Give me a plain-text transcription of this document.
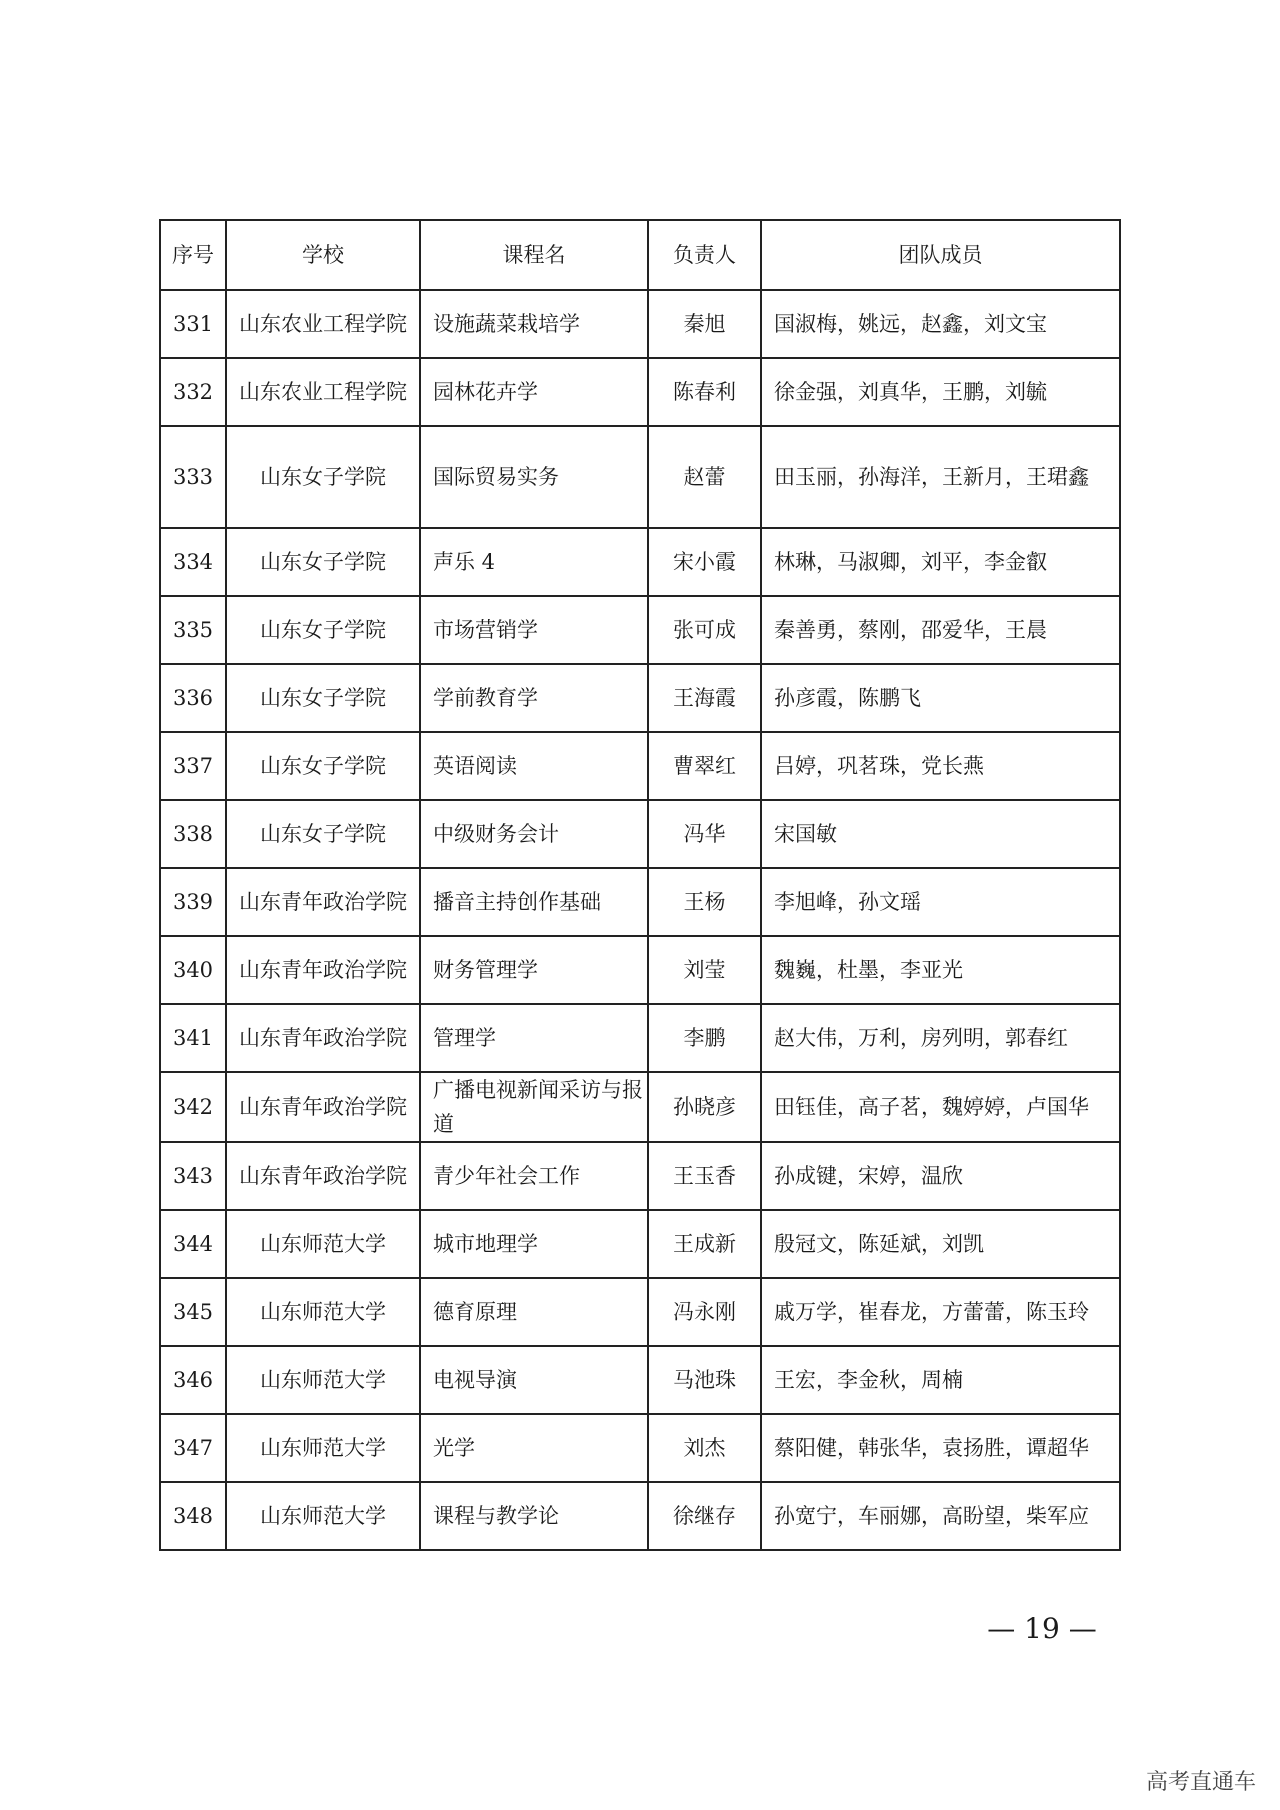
序号	学校	课程名	负责人	团队成员
331	山东农业工程学院	设施蔬菜栽培学	秦旭	国淑梅，姚远，赵鑫，刘文宝
332	山东农业工程学院	园林花卉学	陈春利	徐金强，刘真华，王鹏，刘毓
333	山东女子学院	国际贸易实务	赵蕾	田玉丽，孙海洋，王新月，王珺鑫
334	山东女子学院	声乐 4	宋小霞	林琳，马淑卿，刘平，李金叡
335	山东女子学院	市场营销学	张可成	秦善勇，蔡刚，邵爱华，王晨
336	山东女子学院	学前教育学	王海霞	孙彦霞，陈鹏飞
337	山东女子学院	英语阅读	曹翠红	吕婷，巩茗珠，党长燕
338	山东女子学院	中级财务会计	冯华	宋国敏
339	山东青年政治学院	播音主持创作基础	王杨	李旭峰，孙文瑶
340	山东青年政治学院	财务管理学	刘莹	魏巍，杜墨，李亚光
341	山东青年政治学院	管理学	李鹏	赵大伟，万利，房列明，郭春红
342	山东青年政治学院	广播电视新闻采访与报道	孙晓彦	田钰佳，高子茗，魏婷婷，卢国华
343	山东青年政治学院	青少年社会工作	王玉香	孙成键，宋婷，温欣
344	山东师范大学	城市地理学	王成新	殷冠文，陈延斌，刘凯
345	山东师范大学	德育原理	冯永刚	戚万学，崔春龙，方蕾蕾，陈玉玲
346	山东师范大学	电视导演	马池珠	王宏，李金秋，周楠
347	山东师范大学	光学	刘杰	蔡阳健，韩张华，袁扬胜，谭超华
348	山东师范大学	课程与教学论	徐继存	孙宽宁，车丽娜，高盼望，柴军应
— 19 —
高考直通车
